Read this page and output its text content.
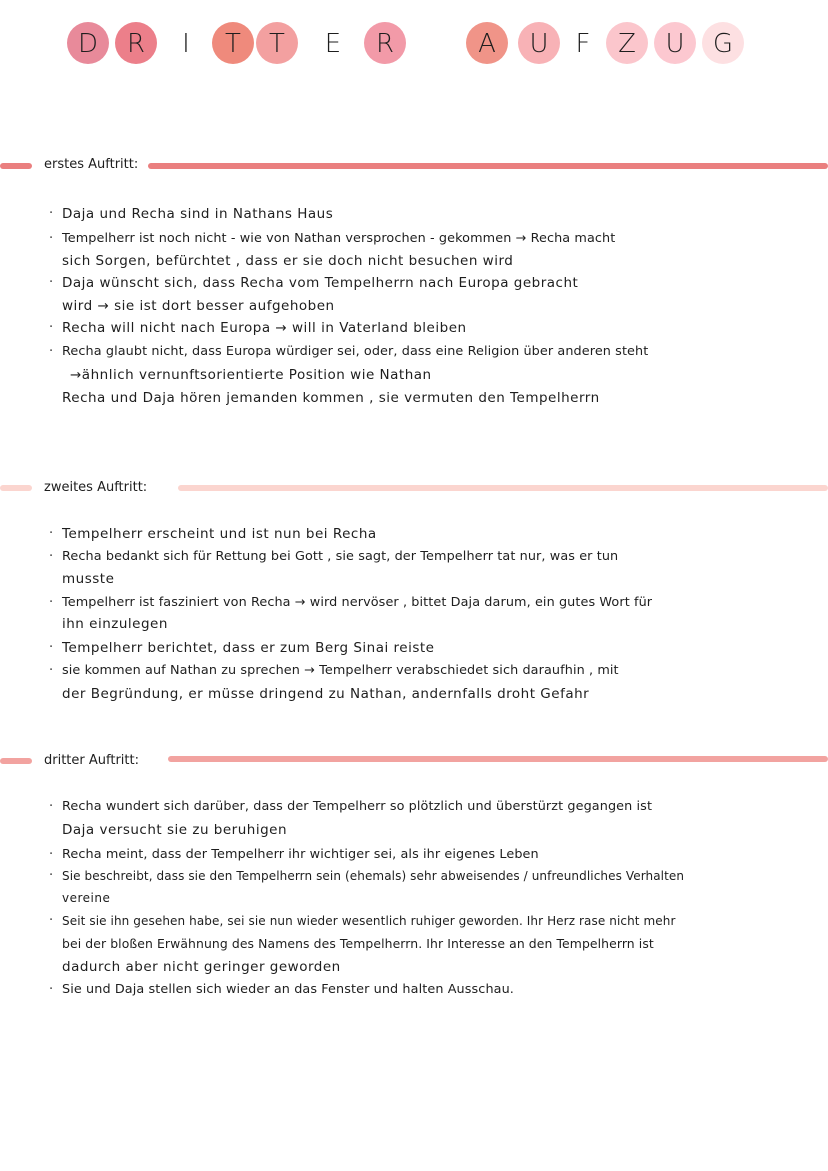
D	R	I	T	T	E	R	A	U	F	Z	U	G
erstes Auftritt:
· Daja und Recha sind in Nathans Haus
· Tempelherr ist noch nicht - wie von Nathan versprochen - gekommen → Recha macht
sich Sorgen, befürchtet , dass er sie doch nicht besuchen wird
· Daja wünscht sich, dass Recha vom Tempelherrn nach Europa gebracht
wird → sie ist dort besser aufgehoben
· Recha will nicht nach Europa → will in Vaterland bleiben
· Recha glaubt nicht, dass Europa würdiger sei, oder, dass eine Religion über anderen steht
→ähnlich vernunftsorientierte Position wie Nathan
Recha und Daja hören jemanden kommen , sie vermuten den Tempelherrn
zweites Auftritt:
· Tempelherr erscheint und ist nun bei Recha
· Recha bedankt sich für Rettung bei Gott , sie sagt, der Tempelherr tat nur, was er tun
musste
· Tempelherr ist fasziniert von Recha → wird nervöser , bittet Daja darum, ein gutes Wort für
ihn einzulegen
· Tempelherr berichtet, dass er zum Berg Sinai reiste
· sie kommen auf Nathan zu sprechen → Tempelherr verabschiedet sich daraufhin , mit
der Begründung, er müsse dringend zu Nathan, andernfalls droht Gefahr
dritter Auftritt:
· Recha wundert sich darüber, dass der Tempelherr so plötzlich und überstürzt gegangen ist
Daja versucht sie zu beruhigen
· Recha meint, dass der Tempelherr ihr wichtiger sei, als ihr eigenes Leben
· Sie beschreibt, dass sie den Tempelherrn sein (ehemals) sehr abweisendes / unfreundliches Verhalten
vereine
· Seit sie ihn gesehen habe, sei sie nun wieder wesentlich ruhiger geworden. Ihr Herz rase nicht mehr
bei der bloßen Erwähnung des Namens des Tempelherrn. Ihr Interesse an den Tempelherrn ist
dadurch aber nicht geringer geworden
· Sie und Daja stellen sich wieder an das Fenster und halten Ausschau.
